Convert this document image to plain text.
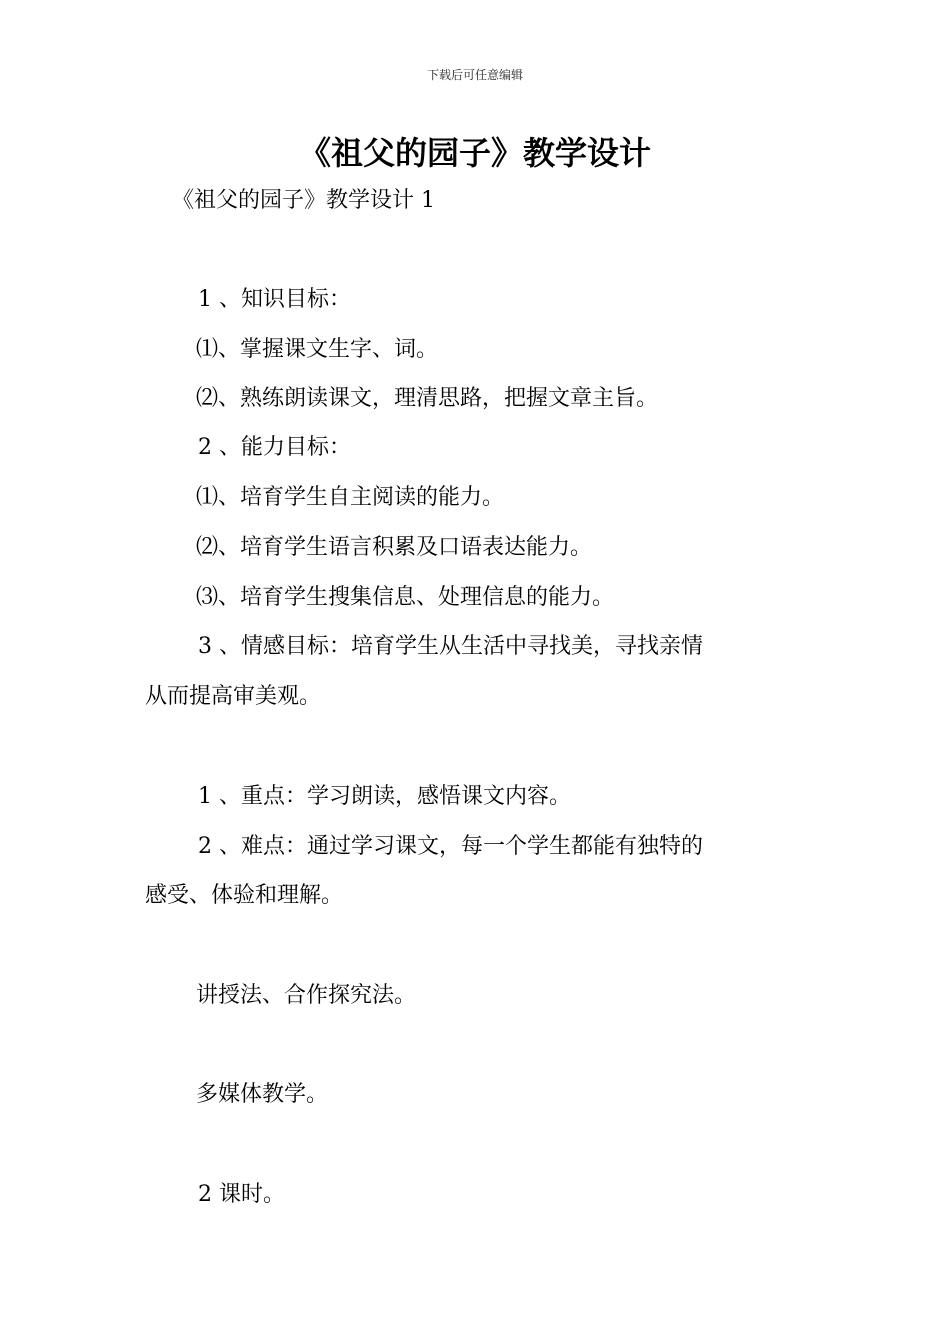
下载后可任意编辑
《祖父的园子》教学设计
《祖父的园子》教学设计 1
1 、知识目标：
⑴、掌握课文生字、词。
⑵、熟练朗读课文，理清思路，把握文章主旨。
2 、能力目标：
⑴、培育学生自主阅读的能力。
⑵、培育学生语言积累及口语表达能力。
⑶、培育学生搜集信息、处理信息的能力。
3 、情感目标：培育学生从生活中寻找美，寻找亲情
从而提高审美观。
1 、重点：学习朗读，感悟课文内容。
2 、难点：通过学习课文，每一个学生都能有独特的
感受、体验和理解。
讲授法、合作探究法。
多媒体教学。
2 课时。
